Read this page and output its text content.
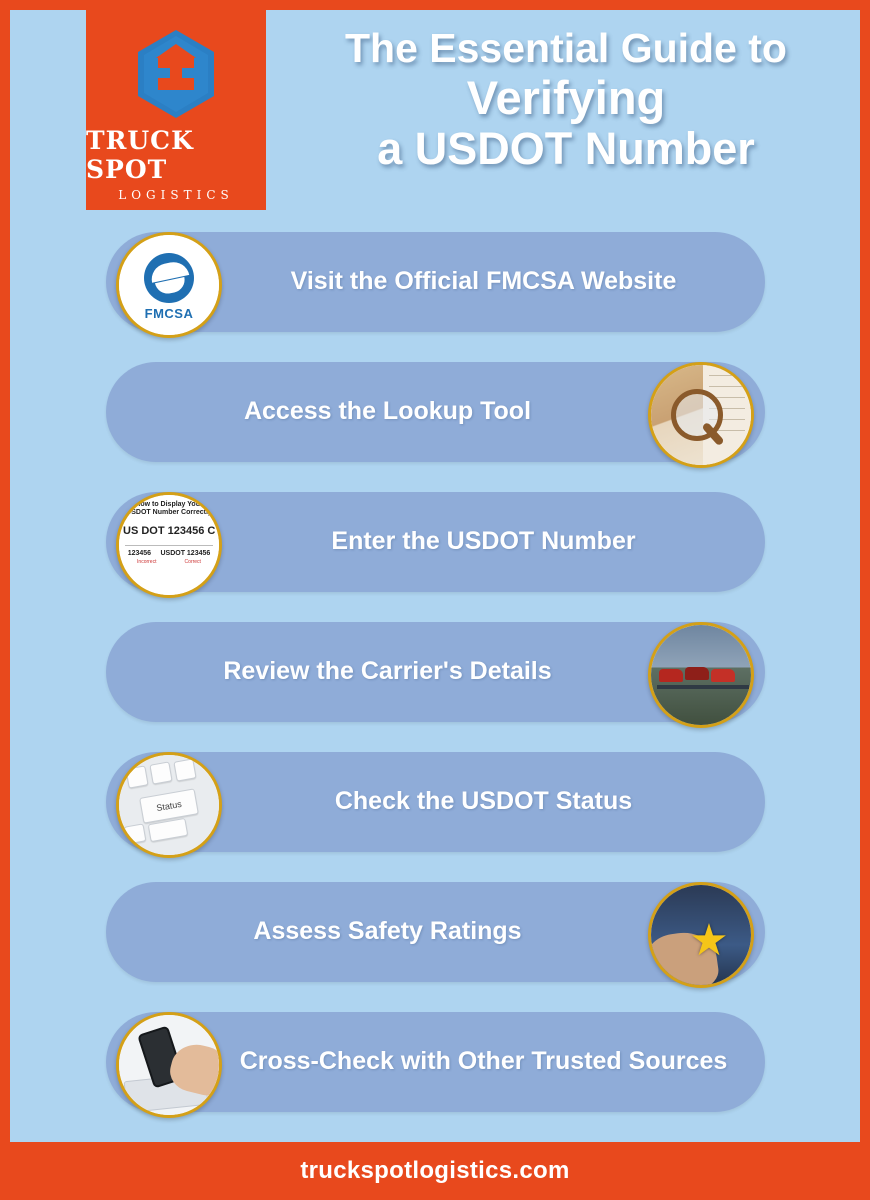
TRUCK SPOT
LOGISTICS
The Essential Guide to
Verifying
a USDOT Number
Visit the Official FMCSA Website
FMCSA
Access the Lookup Tool
Enter the USDOT Number
How to Display Your USDOT Number Correctly
US DOT 123456 C
123456 USDOT 123456
Incorrect	Correct
Review the Carrier's Details
Check the USDOT Status
Status
Assess Safety Ratings	★
Cross-Check with Other Trusted Sources
truckspotlogistics.com
